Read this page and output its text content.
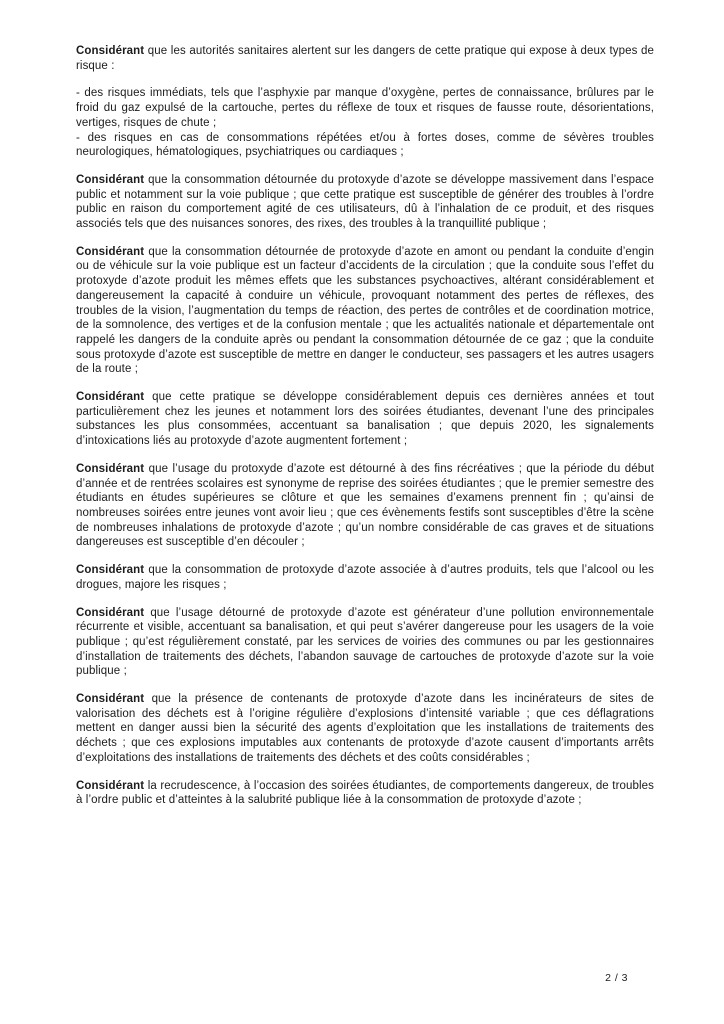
Considérant que les autorités sanitaires alertent sur les dangers de cette pratique qui expose à deux types de risque :

- des risques immédiats, tels que l’asphyxie par manque d’oxygène, pertes de connaissance, brûlures par le froid du gaz expulsé de la cartouche, pertes du réflexe de toux et risques de fausse route, désorientations, vertiges, risques de chute ;
- des risques en cas de consommations répétées et/ou à fortes doses, comme de sévères troubles neurologiques, hématologiques, psychiatriques ou cardiaques ;

Considérant que la consommation détournée du protoxyde d’azote se développe massivement dans l’espace public et notamment sur la voie publique ; que cette pratique est susceptible de générer des troubles à l’ordre public en raison du comportement agité de ces utilisateurs, dû à l’inhalation de ce produit, et des risques associés tels que des nuisances sonores, des rixes, des troubles à la tranquillité publique ;

Considérant que la consommation détournée de protoxyde d’azote en amont ou pendant la conduite d’engin ou de véhicule sur la voie publique est un facteur d’accidents de la circulation ; que la conduite sous l’effet du protoxyde d’azote produit les mêmes effets que les substances psychoactives, altérant considérablement et dangereusement la capacité à conduire un véhicule, provoquant notamment des pertes de réflexes, des troubles de la vision, l’augmentation du temps de réaction, des pertes de contrôles et de coordination motrice, de la somnolence, des vertiges et de la confusion mentale ; que les actualités nationale et départementale ont rappelé les dangers de la conduite après ou pendant la consommation détournée de ce gaz ; que la conduite sous protoxyde d’azote est susceptible de mettre en danger le conducteur, ses passagers et les autres usagers de la route ;

Considérant que cette pratique se développe considérablement depuis ces dernières années et tout particulièrement chez les jeunes et notamment lors des soirées étudiantes, devenant l’une des principales substances les plus consommées, accentuant sa banalisation ; que depuis 2020, les signalements d’intoxications liés au protoxyde d’azote augmentent fortement ;

Considérant que l’usage du protoxyde d’azote est détourné à des fins récréatives ; que la période du début d’année et de rentrées scolaires est synonyme de reprise des soirées étudiantes ; que le premier semestre des étudiants en études supérieures se clôture et que les semaines d’examens prennent fin ; qu’ainsi de nombreuses soirées entre jeunes vont avoir lieu ; que ces évènements festifs sont susceptibles d’être la scène de nombreuses inhalations de protoxyde d’azote ; qu’un nombre considérable de cas graves et de situations dangereuses est susceptible d’en découler ;

Considérant que la consommation de protoxyde d’azote associée à d’autres produits, tels que l’alcool ou les drogues, majore les risques ;

Considérant que l’usage détourné de protoxyde d’azote est générateur d’une pollution environnementale récurrente et visible, accentuant sa banalisation, et qui peut s’avérer dangereuse pour les usagers de la voie publique ; qu’est régulièrement constaté, par les services de voiries des communes ou par les gestionnaires d’installation de traitements des déchets, l’abandon sauvage de cartouches de protoxyde d’azote sur la voie publique ;

Considérant que la présence de contenants de protoxyde d’azote dans les incinérateurs de sites de valorisation des déchets est à l’origine régulière d’explosions d’intensité variable ; que ces déflagrations mettent en danger aussi bien la sécurité des agents d’exploitation que les installations de traitements des déchets ; que ces explosions imputables aux contenants de protoxyde d’azote causent d’importants arrêts d’exploitations des installations de traitements des déchets et des coûts considérables ;

Considérant la recrudescence, à l’occasion des soirées étudiantes, de comportements dangereux, de troubles à l’ordre public et d’atteintes à la salubrité publique liée à la consommation de protoxyde d’azote ;

2 / 3
